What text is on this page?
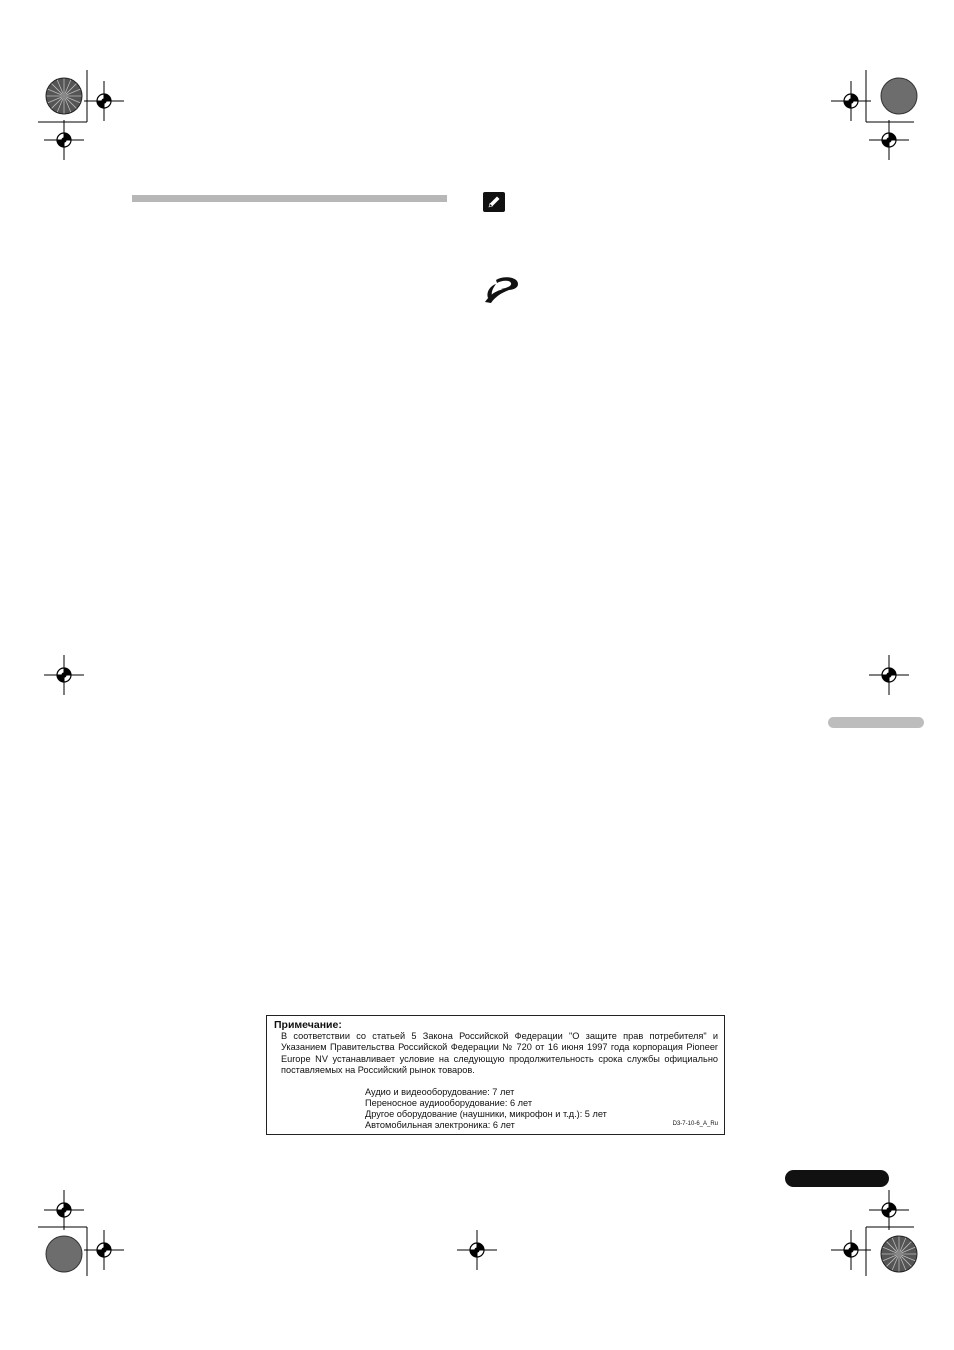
Примечание:
В соответствии со статьей 5 Закона Российской Федерации "О защите прав потребителя" и Указанием Правительства Российской Федерации № 720 от 16 июня 1997 года корпорация Pioneer Europe NV устанавливает условие на следующую продолжительность срока службы официально поставляемых на Российский рынок товаров.
Аудио и видеооборудование: 7 лет
Переносное аудиооборудование: 6 лет
Другое оборудование (наушники, микрофон и т.д.): 5 лет
Автомобильная электроника: 6 лет	D3-7-10-6_A_Ru
